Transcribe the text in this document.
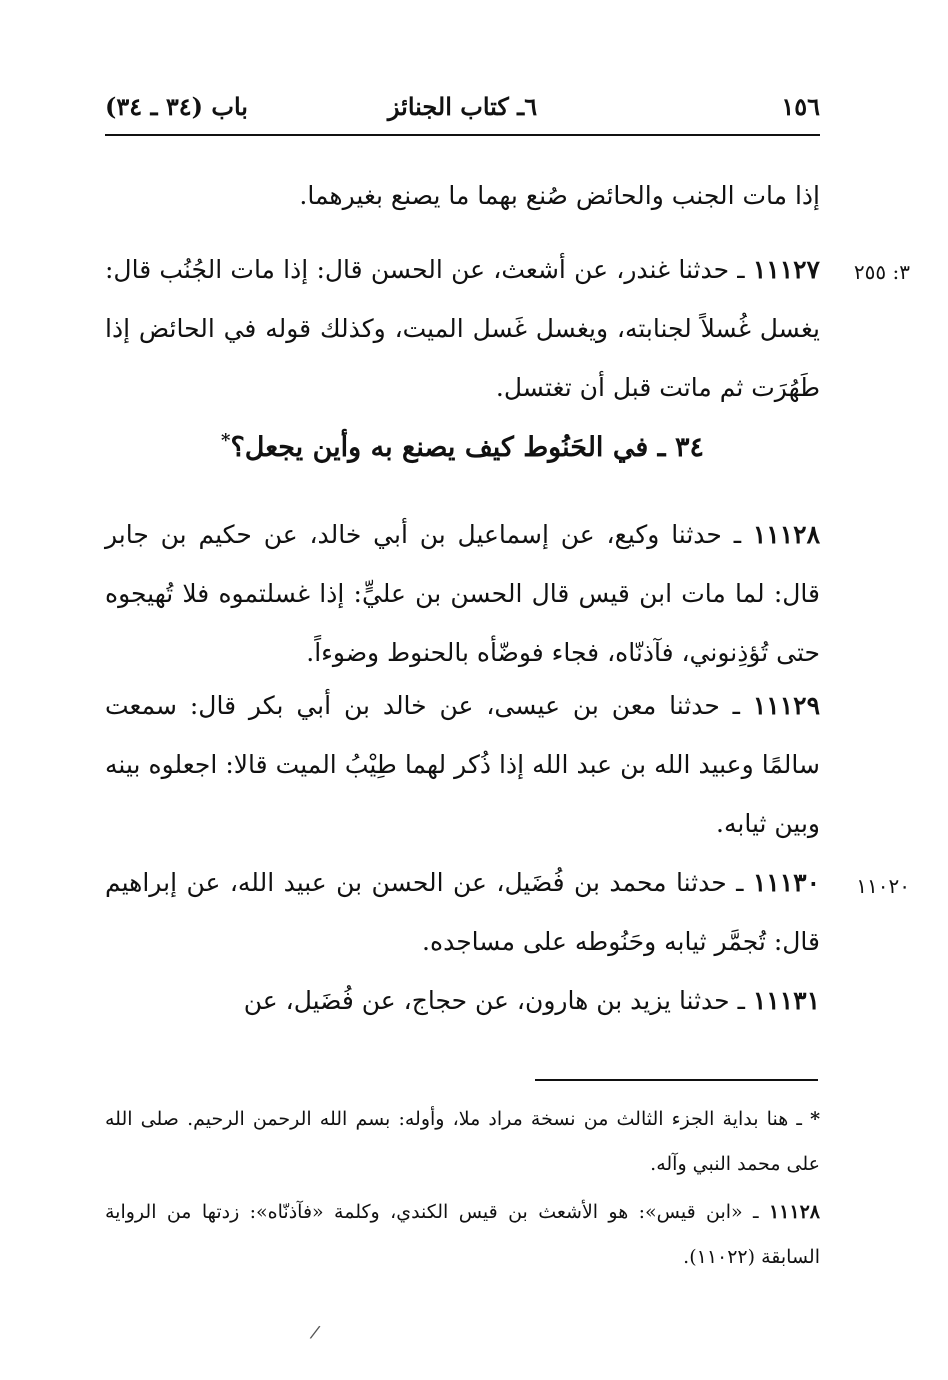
١٥٦
٦ـ كتاب الجنائز
باب (٣٤ ـ ٣٤)
إذا مات الجنب والحائض صُنع بهما ما يصنع بغيرهما.
٣: ٢٥٥
١١١٢٧ ـ حدثنا غندر، عن أشعث، عن الحسن قال: إذا مات الجُنُب قال: يغسل غُسلاً لجنابته، ويغسل غَسل الميت، وكذلك قوله في الحائض إذا طَهُرَت ثم ماتت قبل أن تغتسل.
٣٤ ـ في الحَنُوط كيف يصنع به وأين يجعل؟*
١١١٢٨ ـ حدثنا وكيع، عن إسماعيل بن أبي خالد، عن حكيم بن جابر قال: لما مات ابن قيس قال الحسن بن عليٍّ: إذا غسلتموه فلا تُهيجوه حتى تُؤذِنوني، فآذنّاه، فجاء فوضّأه بالحنوط وضوءاً.
١١١٢٩ ـ حدثنا معن بن عيسى، عن خالد بن أبي بكر قال: سمعت سالمًا وعبيد الله بن عبد الله إذا ذُكر لهما طِيْبُ الميت قالا: اجعلوه بينه وبين ثيابه.
١١٠٢٠
١١١٣٠ ـ حدثنا محمد بن فُضَيل، عن الحسن بن عبيد الله، عن إبراهيم قال: تُجمَّر ثيابه وحَنُوطه على مساجده.
١١١٣١ ـ حدثنا يزيد بن هارون، عن حجاج، عن فُضَيل، عن
* ـ هنا بداية الجزء الثالث من نسخة مراد ملا، وأوله: بسم الله الرحمن الرحيم. صلى الله على محمد النبي وآله.
١١١٢٨ ـ «ابن قيس»: هو الأشعث بن قيس الكندي، وكلمة «فآذنّاه»: زدتها من الرواية السابقة (١١٠٢٢).
/
